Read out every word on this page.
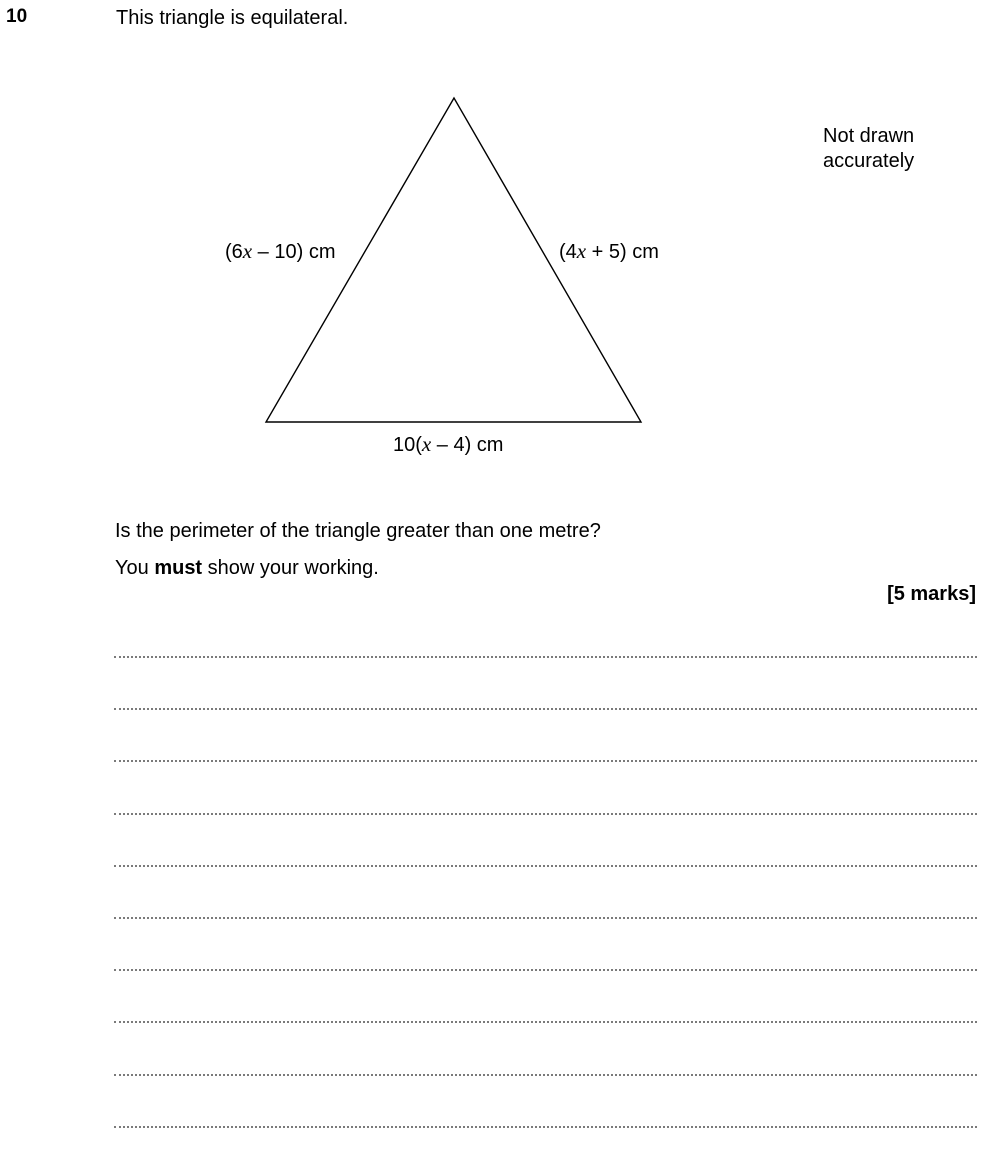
10	This triangle is equilateral.
Not drawn
accurately
(6x – 10) cm	(4x + 5) cm
10(x – 4) cm
Is the perimeter of the triangle greater than one metre?
You must show your working.
[5 marks]
